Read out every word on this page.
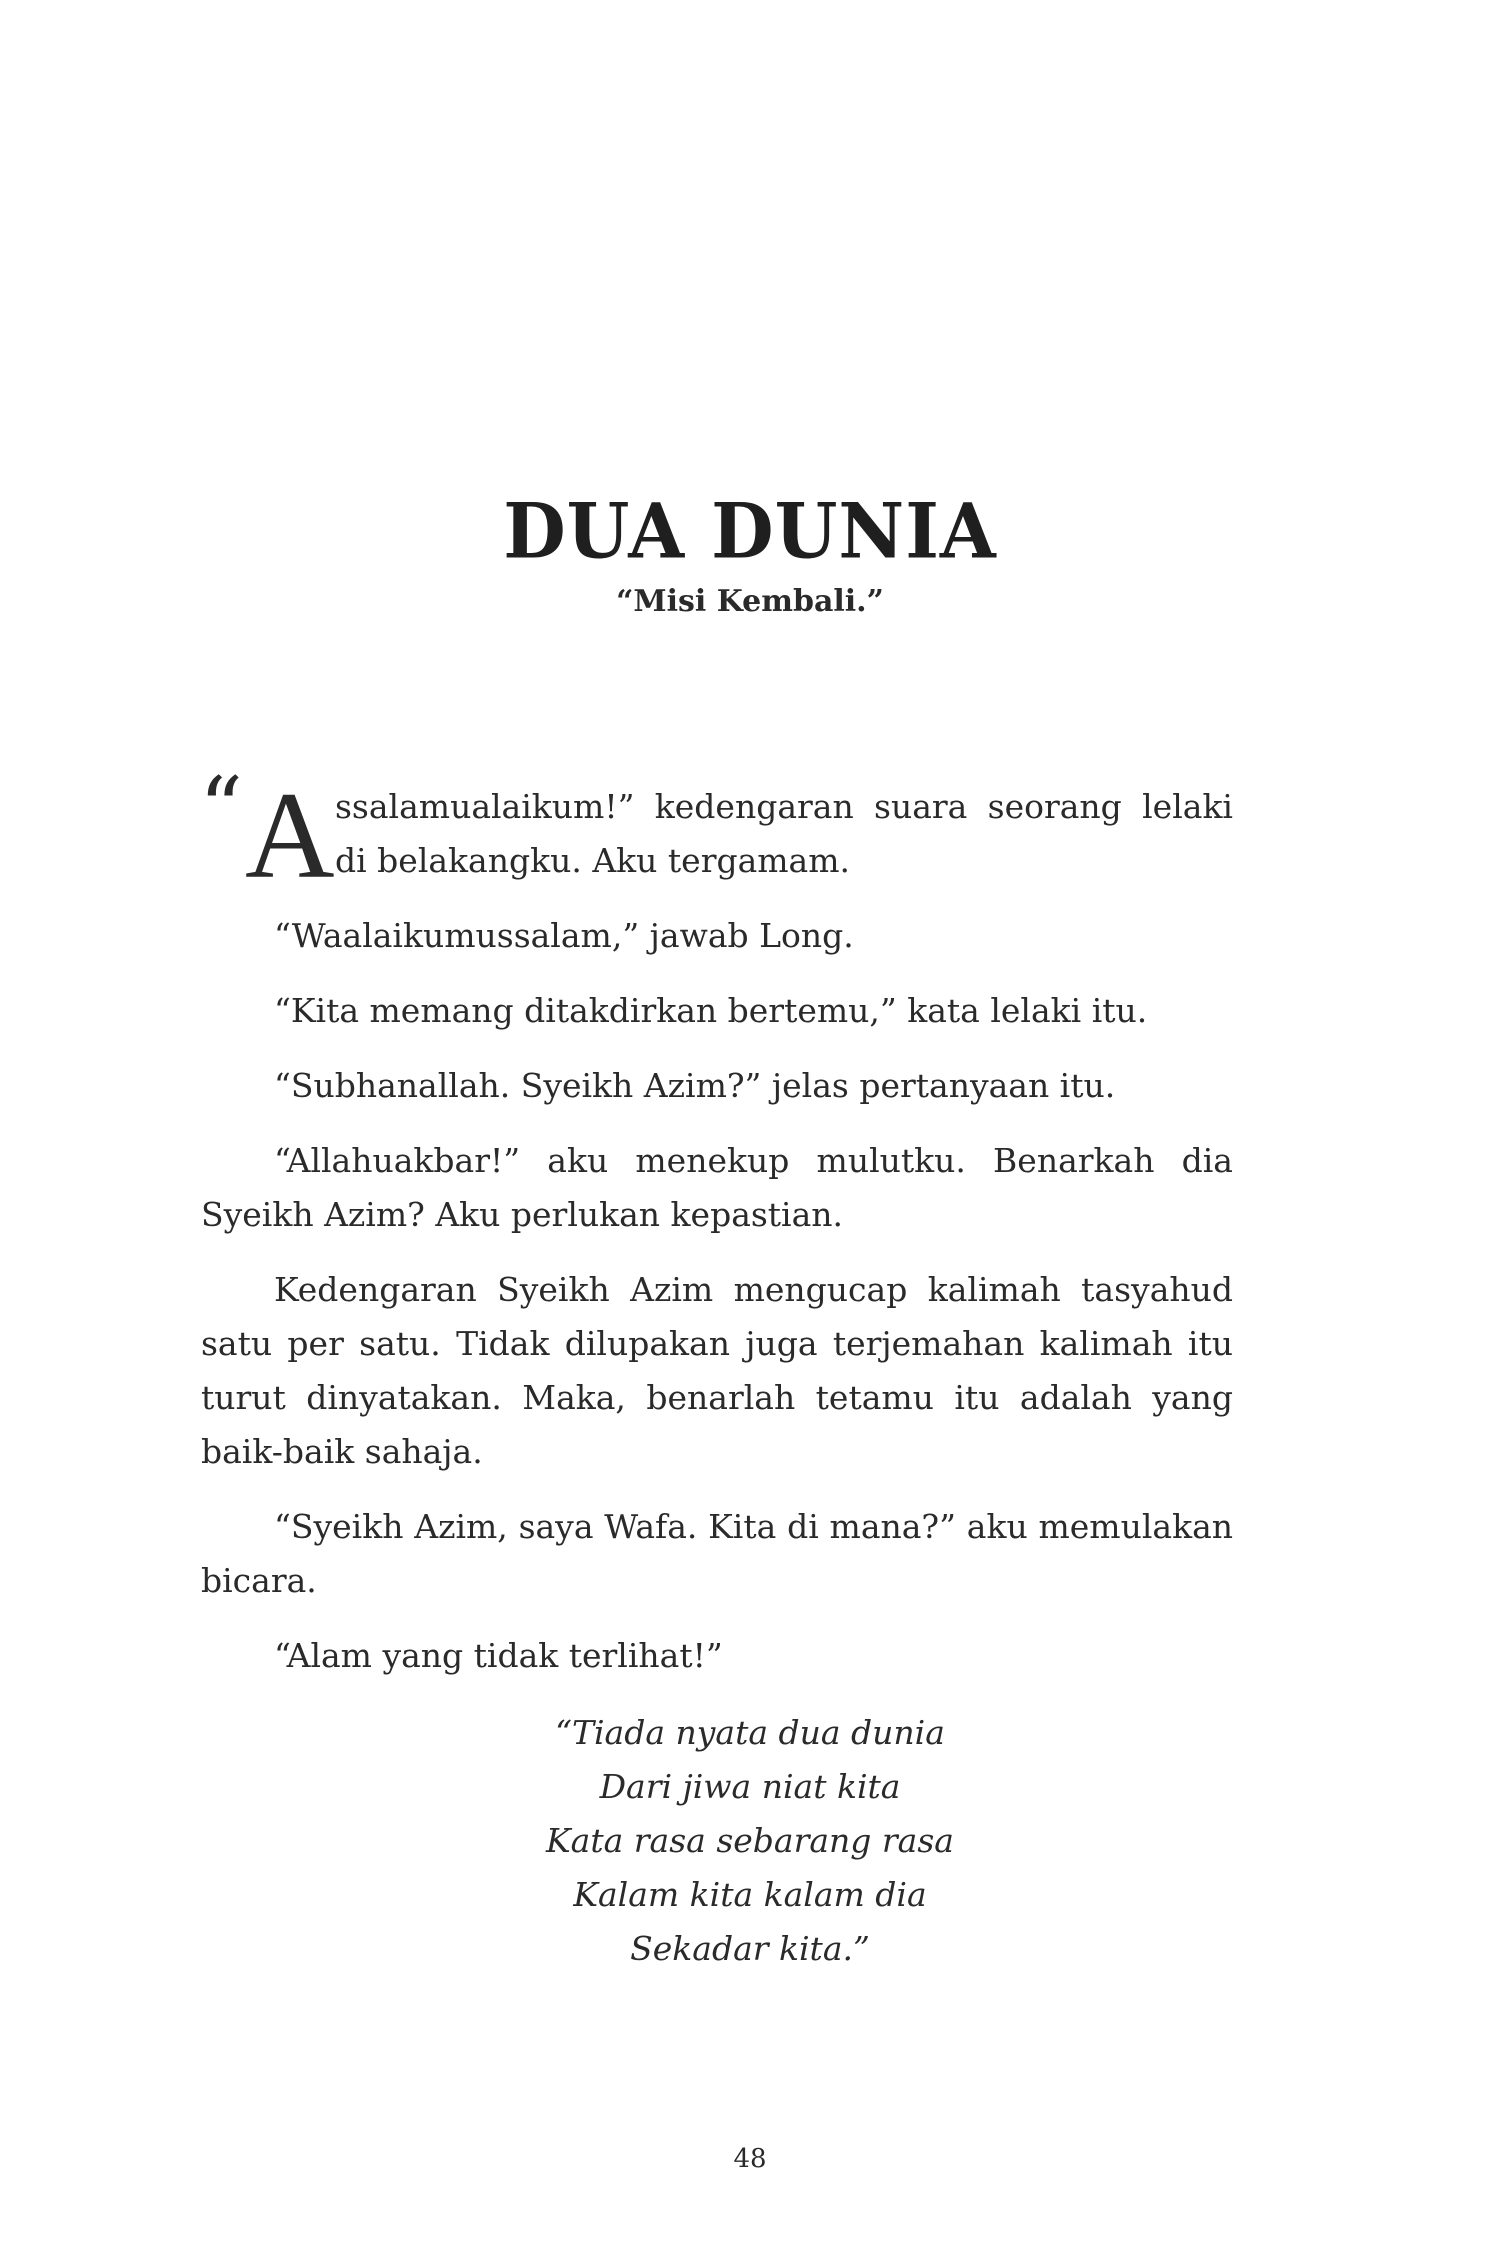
DUA DUNIA
“Misi Kembali.”

“ A ssalamualaikum!” kedengaran suara seorang lelaki di belakangku. Aku tergamam.

“Waalaikumussalam,” jawab Long.

“Kita memang ditakdirkan bertemu,” kata lelaki itu.

“Subhanallah. Syeikh Azim?” jelas pertanyaan itu.

“Allahuakbar!” aku menekup mulutku. Benarkah dia Syeikh Azim? Aku perlukan kepastian.

Kedengaran Syeikh Azim mengucap kalimah tasyahud satu per satu. Tidak dilupakan juga terjemahan kalimah itu turut dinyatakan. Maka, benarlah tetamu itu adalah yang baik-baik sahaja.

“Syeikh Azim, saya Wafa. Kita di mana?” aku memulakan bicara.

“Alam yang tidak terlihat!”

“Tiada nyata dua dunia
Dari jiwa niat kita
Kata rasa sebarang rasa
Kalam kita kalam dia
Sekadar kita.”
48
